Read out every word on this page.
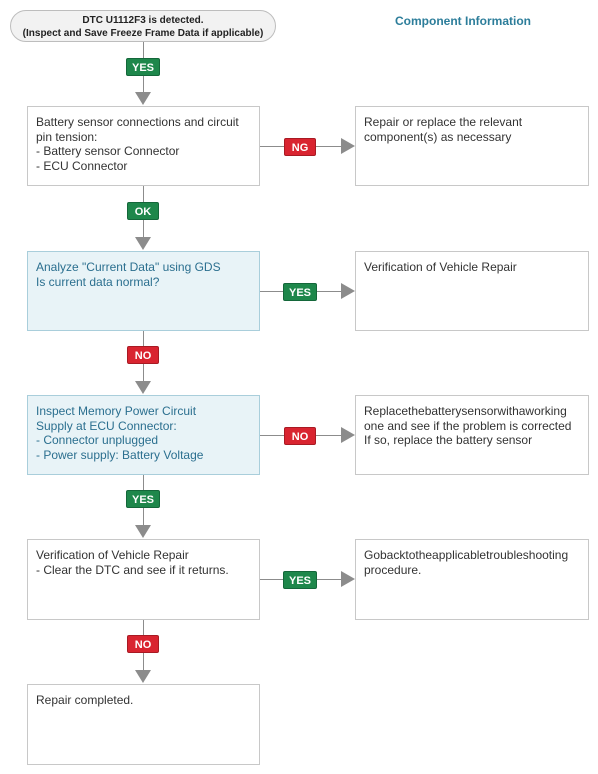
DTC U1112F3 is detected.
(Inspect and Save Freeze Frame Data if applicable)
Component Information
YES
Battery sensor connections and circuit
pin tension:
- Battery sensor Connector
- ECU Connector
NG
Repair or replace the relevant
component(s) as necessary
OK
Analyze "Current Data" using GDS
Is current data normal?
YES
Verification of Vehicle Repair
NO
Inspect Memory Power Circuit
Supply at ECU Connector:
- Connector unplugged
- Power supply: Battery Voltage
NO
Replacethebatterysensorwithaworking
one and see if the problem is corrected
If so, replace the battery sensor
YES
Verification of Vehicle Repair
- Clear the DTC and see if it returns.
YES
Gobacktotheapplicabletroubleshooting
procedure.
NO
Repair completed.
